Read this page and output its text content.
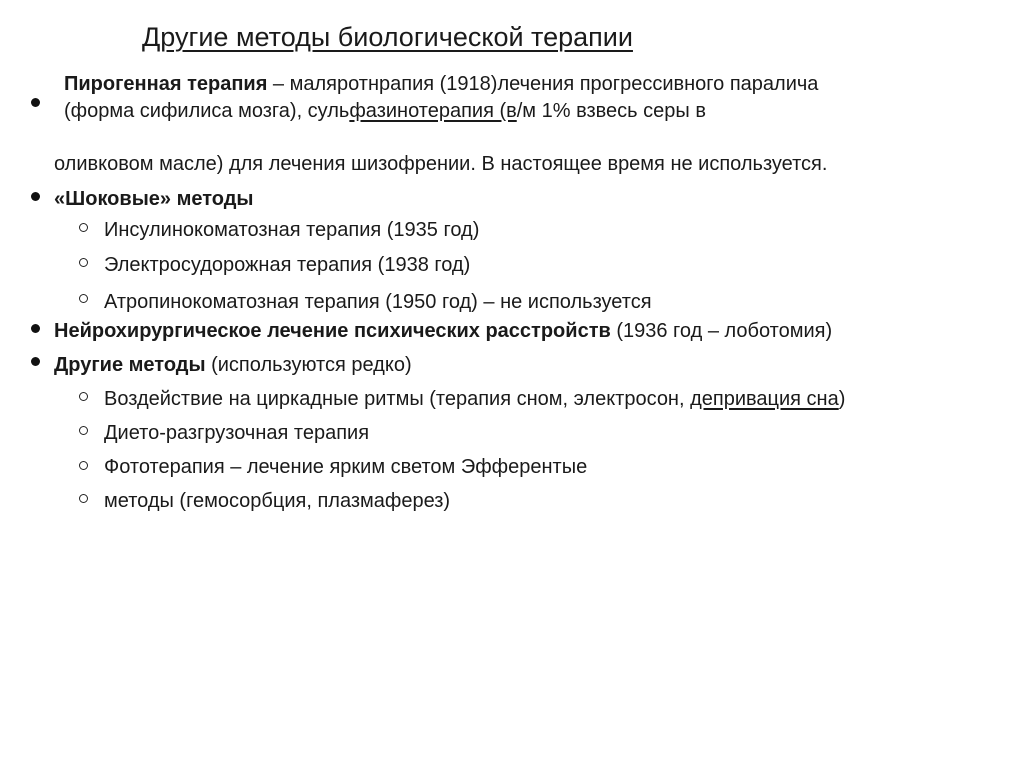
Другие методы биологической терапии
Пирогенная терапия – маляротнрапия (1918)лечения прогрессивного паралича
(форма сифилиса мозга), сульфазинотерапия (в/м 1% взвесь серы в
оливковом масле) для лечения шизофрении. В настоящее время не используется.
«Шоковые» методы
Инсулинокоматозная терапия (1935 год)
Электросудорожная терапия (1938 год)
Атропинокоматозная терапия (1950 год) – не используется
Нейрохирургическое лечение психических расстройств (1936 год – лоботомия)
Другие методы (используются редко)
Воздействие на циркадные ритмы (терапия сном, электросон, депривация сна)
Дието-разгрузочная терапия
Фототерапия – лечение ярким светом Эфферентые
методы (гемосорбция, плазмаферез)
